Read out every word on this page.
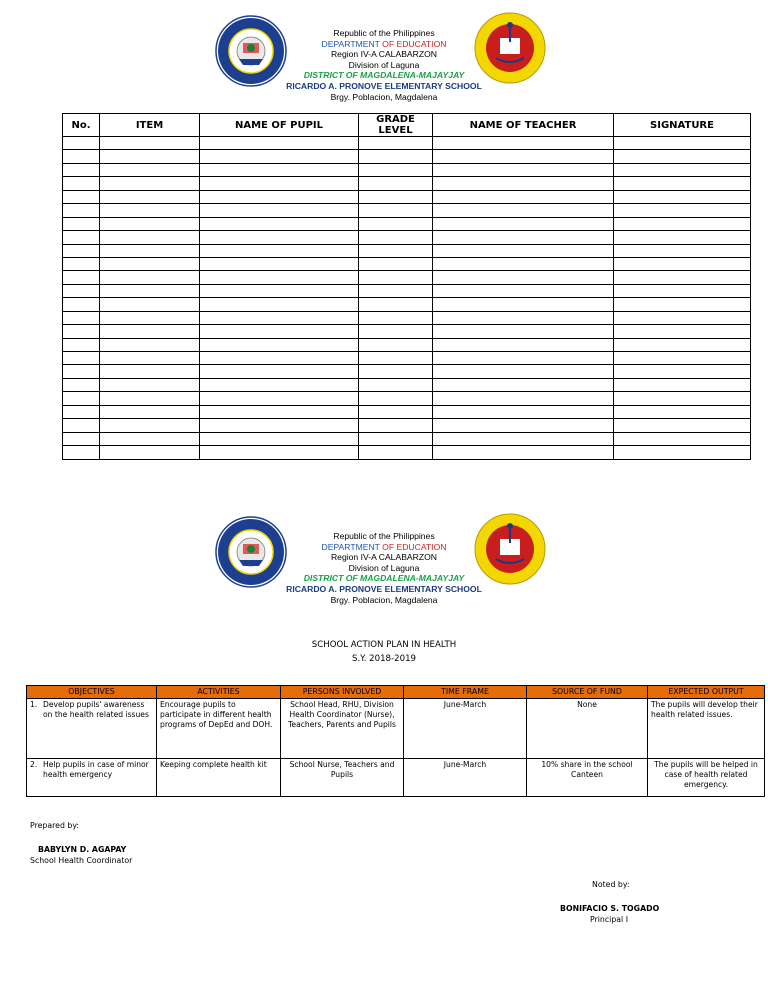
Republic of the Philippines
DEPARTMENT OF EDUCATION
Region IV-A CALABARZON
Division of Laguna
DISTRICT OF MAGDALENA-MAJAYJAY
RICARDO A. PRONOVE ELEMENTARY SCHOOL
Brgy. Poblacion, Magdalena
No.	ITEM	NAME OF PUPIL	GRADE LEVEL	NAME OF TEACHER	SIGNATURE

Republic of the Philippines
DEPARTMENT OF EDUCATION
Region IV-A CALABARZON
Division of Laguna
DISTRICT OF MAGDALENA-MAJAYJAY
RICARDO A. PRONOVE ELEMENTARY SCHOOL
Brgy. Poblacion, Magdalena
SCHOOL ACTION PLAN IN HEALTH
S.Y. 2018-2019
OBJECTIVES	ACTIVITIES	PERSONS INVOLVED	TIME FRAME	SOURCE OF FUND	EXPECTED OUTPUT

1. Develop pupils' awareness on the health related issues	Encourage pupils to participate in different health programs of DepEd and DOH.	School Head, RHU, Division Health Coordinator (Nurse), Teachers, Parents and Pupils	June-March	None	The pupils will develop their health related issues.

2. Help pupils in case of minor health emergency	Keeping complete health kit	School Nurse, Teachers and Pupils	June-March	10% share in the school Canteen	The pupils will be helped in case of health related emergency.
Prepared by:
BABYLYN D. AGAPAY
School Health Coordinator
Noted by:
BONIFACIO S. TOGADO
Principal I
